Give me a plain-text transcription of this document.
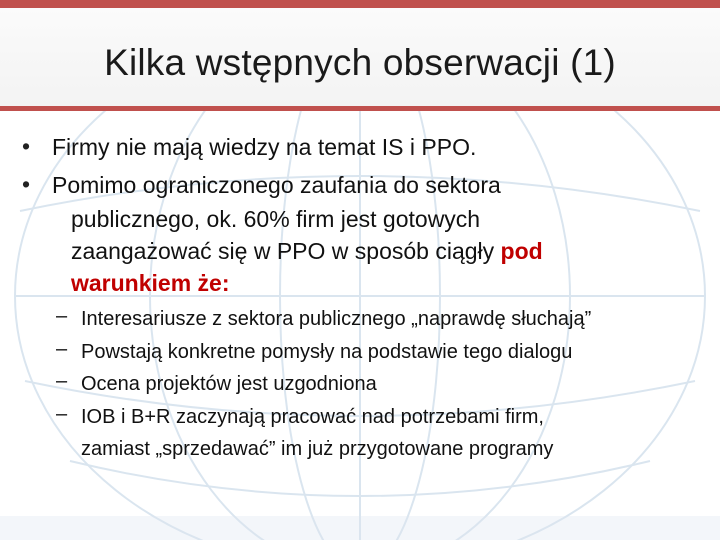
Kilka wstępnych obserwacji (1)
• Firmy nie mają wiedzy na temat IS i PPO.
• Pomimo ograniczonego zaufania do sektora
publicznego, ok. 60% firm jest gotowych
zaangażować się w PPO w sposób ciągły pod
warunkiem że:
– Interesariusze z sektora publicznego „naprawdę słuchają”
– Powstają konkretne pomysły na podstawie tego dialogu
– Ocena projektów jest uzgodniona
– IOB i B+R zaczynają pracować nad potrzebami firm,
zamiast „sprzedawać” im już przygotowane programy
